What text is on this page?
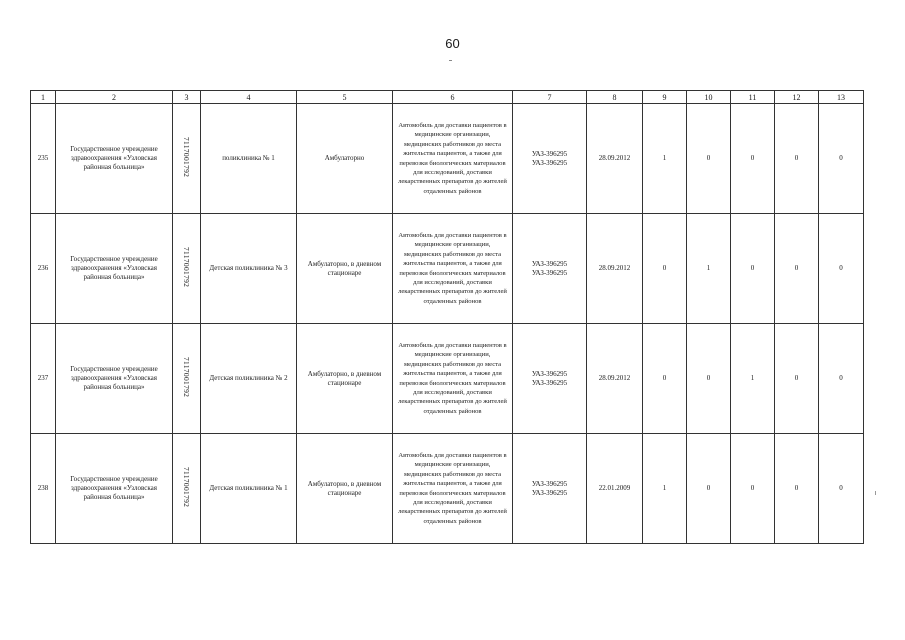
60
1	2	3	4	5	6	7	8	9	10	11	12	13
235	Государственное учреждение здравоохранения «Узловская районная больница»	7117001792	поликлиника № 1	Амбулаторно	Автомобиль для доставки пациентов в медицинские организации, медицинских работников до места жительства пациентов, а также для перевозки биологических материалов для исследований, доставки лекарственных препаратов до жителей отдаленных районов	УАЗ-396295
УАЗ-396295	28.09.2012	1	0	0	0	0
236	Государственное учреждение здравоохранения «Узловская районная больница»	7117001792	Детская поликлиника № 3	Амбулаторно, в дневном стационаре	Автомобиль для доставки пациентов в медицинские организации, медицинских работников до места жительства пациентов, а также для перевозки биологических материалов для исследований, доставки лекарственных препаратов до жителей отдаленных районов	УАЗ-396295
УАЗ-396295	28.09.2012	0	1	0	0	0
237	Государственное учреждение здравоохранения «Узловская районная больница»	7117001792	Детская поликлиника № 2	Амбулаторно, в дневном стационаре	Автомобиль для доставки пациентов в медицинские организации, медицинских работников до места жительства пациентов, а также для перевозки биологических материалов для исследований, доставки лекарственных препаратов до жителей отдаленных районов	УАЗ-396295
УАЗ-396295	28.09.2012	0	0	1	0	0
238	Государственное учреждение здравоохранения «Узловская районная больница»	7117001792	Детская поликлиника № 1	Амбулаторно, в дневном стационаре	Автомобиль для доставки пациентов в медицинские организации, медицинских работников до места жительства пациентов, а также для перевозки биологических материалов для исследований, доставки лекарственных препаратов до жителей отдаленных районов	УАЗ-396295
УАЗ-396295	22.01.2009	1	0	0	0	0
